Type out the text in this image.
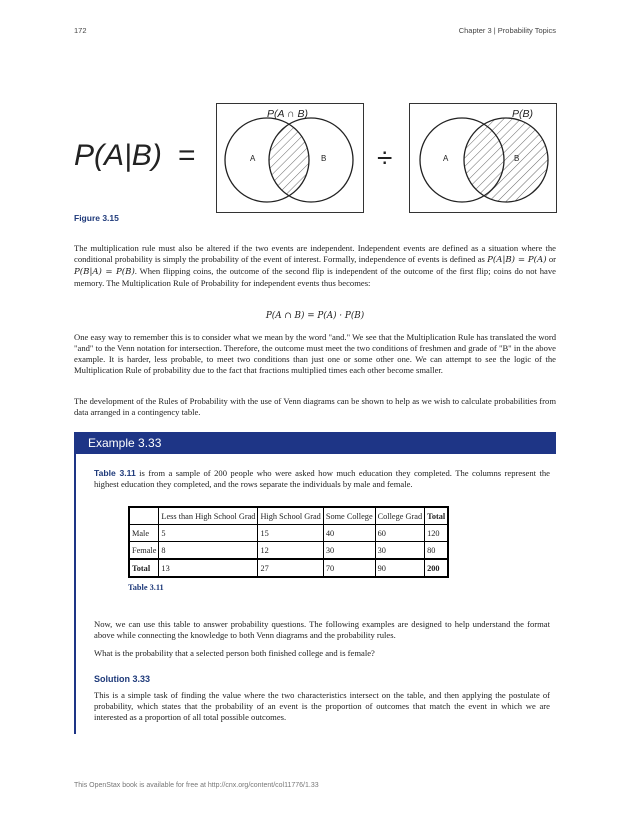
172	Chapter 3 | Probability Topics
P(A|B) =	÷
P(A ∩ B)	P(B)
A	B	A	B
Figure 3.15

The multiplication rule must also be altered if the two events are independent. Independent events are defined as a situation where the conditional probability is simply the probability of the event of interest. Formally, independence of events is defined as P(A|B) = P(A) or P(B|A) = P(B). When flipping coins, the outcome of the second flip is independent of the outcome of the first flip; coins do not have memory. The Multiplication Rule of Probability for independent events thus becomes:

P(A ∩ B) = P(A) · P(B)

One easy way to remember this is to consider what we mean by the word "and." We see that the Multiplication Rule has translated the word "and" to the Venn notation for intersection. Therefore, the outcome must meet the two conditions of freshmen and grade of "B" in the above example. It is harder, less probable, to meet two conditions than just one or some other one. We can attempt to see the logic of the Multiplication Rule of probability due to the fact that fractions multiplied times each other become smaller.

The development of the Rules of Probability with the use of Venn diagrams can be shown to help as we wish to calculate probabilities from data arranged in a contingency table.

Example 3.33

Table 3.11 is from a sample of 200 people who were asked how much education they completed. The columns represent the highest education they completed, and the rows separate the individuals by male and female.

	Less than High School Grad	High School Grad	Some College	College Grad	Total
Male	5	15	40	60	120
Female	8	12	30	30	80
Total	13	27	70	90	200
Table 3.11

Now, we can use this table to answer probability questions. The following examples are designed to help understand the format above while connecting the knowledge to both Venn diagrams and the probability rules.

What is the probability that a selected person both finished college and is female?

Solution 3.33

This is a simple task of finding the value where the two characteristics intersect on the table, and then applying the postulate of probability, which states that the probability of an event is the proportion of outcomes that match the event in which we are interested as a proportion of all total possible outcomes.

This OpenStax book is available for free at http://cnx.org/content/col11776/1.33
